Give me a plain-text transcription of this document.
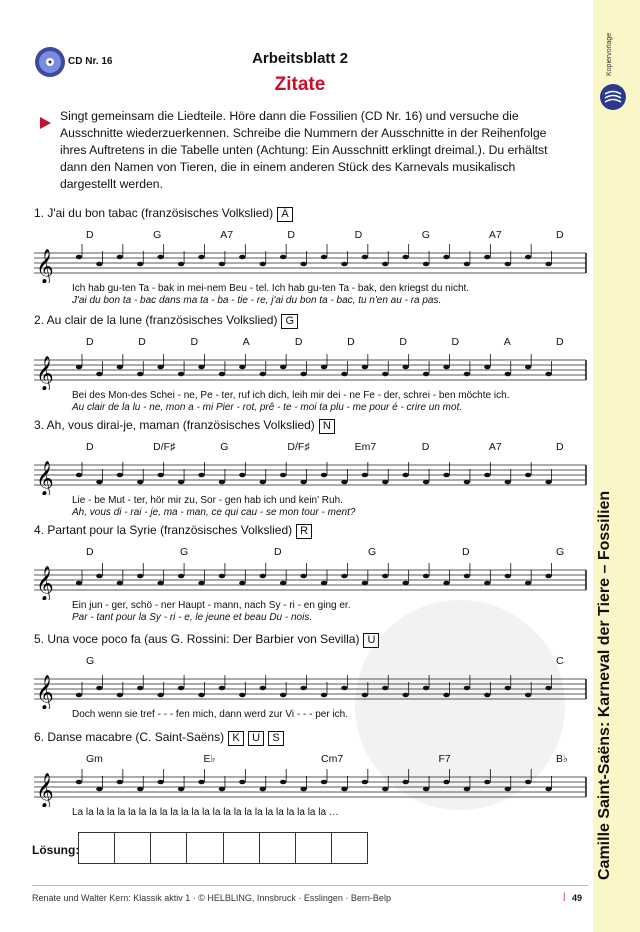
Kopiervorlage
Camille Saint-Saëns: Karneval der Tiere – Fossilien
CD Nr. 16	Arbeitsblatt 2
Zitate
Singt gemeinsam die Liedteile. Höre dann die Fossilien (CD Nr. 16) und versuche die Ausschnitte wiederzuerkennen. Schreibe die Nummern der Ausschnitte in der Reihenfolge ihres Auftretens in die Tabelle unten (Achtung: Ein Ausschnitt erklingt dreimal.). Du erhältst dann den Namen von Tieren, die in einem anderen Stück des Karnevals musikalisch dargestellt werden.
1. J'ai du bon tabac (französisches Volkslied) Ä
D	G	A7	D	D	G	A7	D
𝄞
Ich hab gu-ten Ta - bak in mei-nem Beu - tel. Ich hab gu-ten Ta - bak, den kriegst du nicht.
J'ai du bon ta - bac dans ma ta - ba - tie - re, j'ai du bon ta - bac, tu n'en au - ra pas.
2. Au clair de la lune (französisches Volkslied) G
D	D	D	A	D	D	D	D	A	D
𝄞
Bei des Mon-des Schei - ne, Pe - ter, ruf ich dich, leih mir dei - ne Fe - der, schrei - ben möchte ich.
Au clair de la lu - ne, mon a - mi Pier - rot, prê - te - moi ta plu - me pour é - crire un mot.
3. Ah, vous dirai-je, maman (französisches Volkslied) N
D	D/F♯	G	D/F♯	Em7	D	A7	D
𝄞
Lie - be Mut - ter, hör mir zu, Sor - gen hab ich und kein' Ruh.
Ah, vous di - rai - je, ma - man, ce qui cau - se mon tour - ment?
4. Partant pour la Syrie (französisches Volkslied) R
D	G	D	G	D	G
𝄞
Ein jun - ger, schö - ner Haupt - mann, nach Sy - ri - en ging er.
Par - tant pour la Sy - ri - e, le jeune et beau Du - nois.
5. Una voce poco fa (aus G. Rossini: Der Barbier von Sevilla) U
G	C
𝄞
Doch wenn sie tref - - - fen mich, dann werd zur Vi - - - per ich.
6. Danse macabre (C. Saint-Saëns) K U S
Gm	E♭	Cm7	F7	B♭
𝄞
La la la la la la la la la la la la la la la la la la la la la la la la …
Lösung:
Renate und Walter Kern: Klassik aktiv 1 · © HELBLING, Innsbruck · Esslingen · Bern-Belp	| 49
